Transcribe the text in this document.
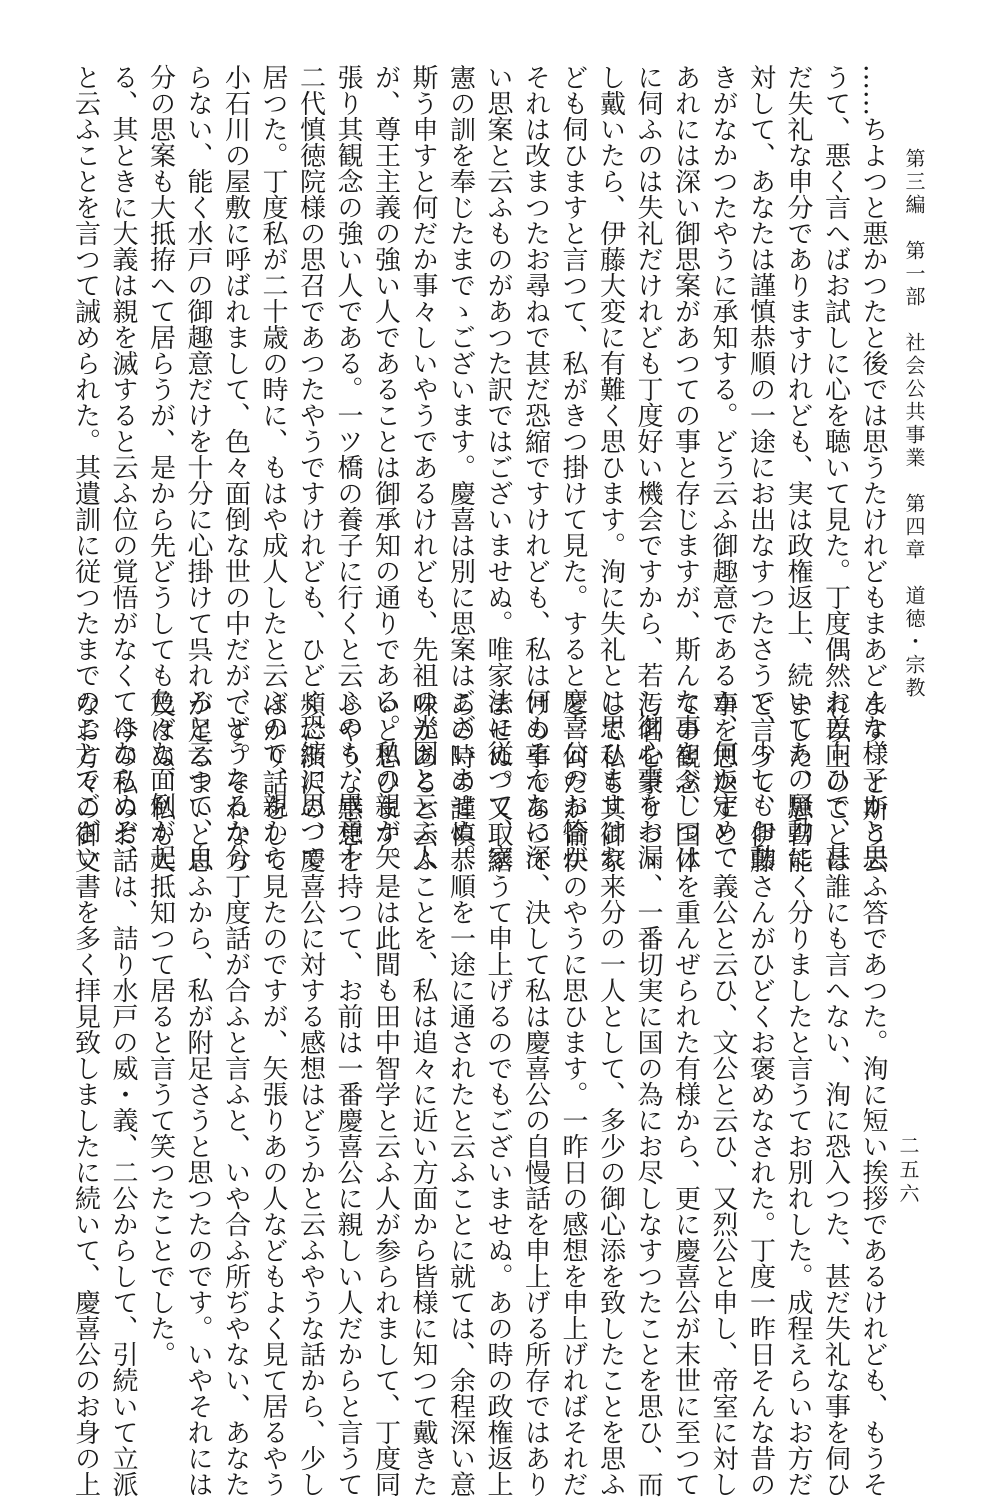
第三編　第一部　社会公共事業　第四章　道徳・宗教
二五六
……ちよつと悪かつたと後では思うたけれどもまあどんな様子かと思
うて、悪く言へばお試しに心を聴いて見た。丁度偶然お差向ひで、甚
だ失礼な申分でありますけれども、実は政権返上、続いてあの騒動に
対して、あなたは謹慎恭順の一途にお出なすつたさうで、少しもお動
きがなかつたやうに承知する。どう云ふ御趣意であるか、何か定めて
あれには深い御思案があつての事と存じますが、斯んな事をぶしつけ
に伺ふのは失礼だけれども丁度好い機会ですから、若し御心事をお漏
し戴いたら、伊藤大変に有難く思ひます。洵に失礼とは思ひますけれ
ども伺ひますと言つて、私がきつ掛けて見た。すると慶喜公のお答が
それは改まつたお尋ねで甚だ恐縮ですけれども、私は何もそんなに深
い思案と云ふものがあつた訳ではございませぬ。唯家法に従つて、家
憲の訓を奉じたまでゝございます。慶喜は別に思案はございませぬ。
斯う申すと何だか事々しいやうであるけれども、先祖の光圀と云ふ人
が、尊王主義の強い人であることは御承知の通りである。私の親が矢
張り其観念の強い人である。一ツ橋の養子に行くと云ふのも、畢竟十
二代慎徳院様の思召であつたやうですけれども、ひどく恐縮に思つて
居つた。丁度私が二十歳の時に、もはや成人したと云ふので、親から
小石川の屋敷に呼ばれまして、色々面倒な世の中だが、どうなるか分
らない、能く水戸の御趣意だけを十分に心掛けて呉れろと云つて、自
分の思案も大抵拵へて居らうが、是から先どうしても色々な面倒が起
る、其ときに大義は親を滅すると云ふ位の覚悟がなくてはならぬぞ、
と云ふことを言つて誡められた。其遺訓に従つたまでのことでござい
ます、と斯う云ふ答であつた。洵に短い挨拶であるけれども、もうそ
れ以上のことは誰にも言へない、洵に恐入つた、甚だ失礼な事を伺ひ
ました、思召能く分りましたと言うてお別れした。成程えらいお方だ
と言うて、伊藤さんがひどくお褒めなされた。丁度一昨日そんな昔の
事を思返すと、義公と云ひ、文公と云ひ、又烈公と申し、帝室に対し
ての観念、国体を重んぜられた有様から、更に慶喜公が末世に至つて
汚名を蒙りつゝ、一番切実に国の為にお尽しなすつたことを思ひ、而
して私も其御家来分の一人として、多少の御心添を致したことを思ふ
と、何だか愉快のやうに思ひます。一昨日の感想を申上げればそれだ
けの事であつて、決して私は慶喜公の自慢話を申上げる所存ではあり
ませぬ。又取繕うて申上げるのでもございませぬ。あの時の政権返上
あの時の謹慎恭順を一途に通されたと云ふことに就ては、余程深い意
味があると云ふことを、私は追々に近い方面から皆様に知つて戴きた
いと思ひます。是は此間も田中智学と云ふ人が参られまして、丁度同
じやうな感想を持つて、お前は一番慶喜公に親しい人だからと言うて
頻に渋沢の、慶喜公に対する感想はどうかと云ふやうな話から、少し
ばかり話をして見たのですが、矢張りあの人などもよく見て居るやう
です。それなら丁度話が合ふと言ふと、いや合ふ所ぢやない、あなた
が足るまいと思ふから、私が附足さうと思つたのです。いやそれには
及ばぬ、私も大抵知つて居ると言うて笑つたことでした。
　今の私のお話は、詰り水戸の威・義、二公からして、引続いて立派
なお方々の御文書を多く拝見致しましたに続いて、慶喜公のお身の上
